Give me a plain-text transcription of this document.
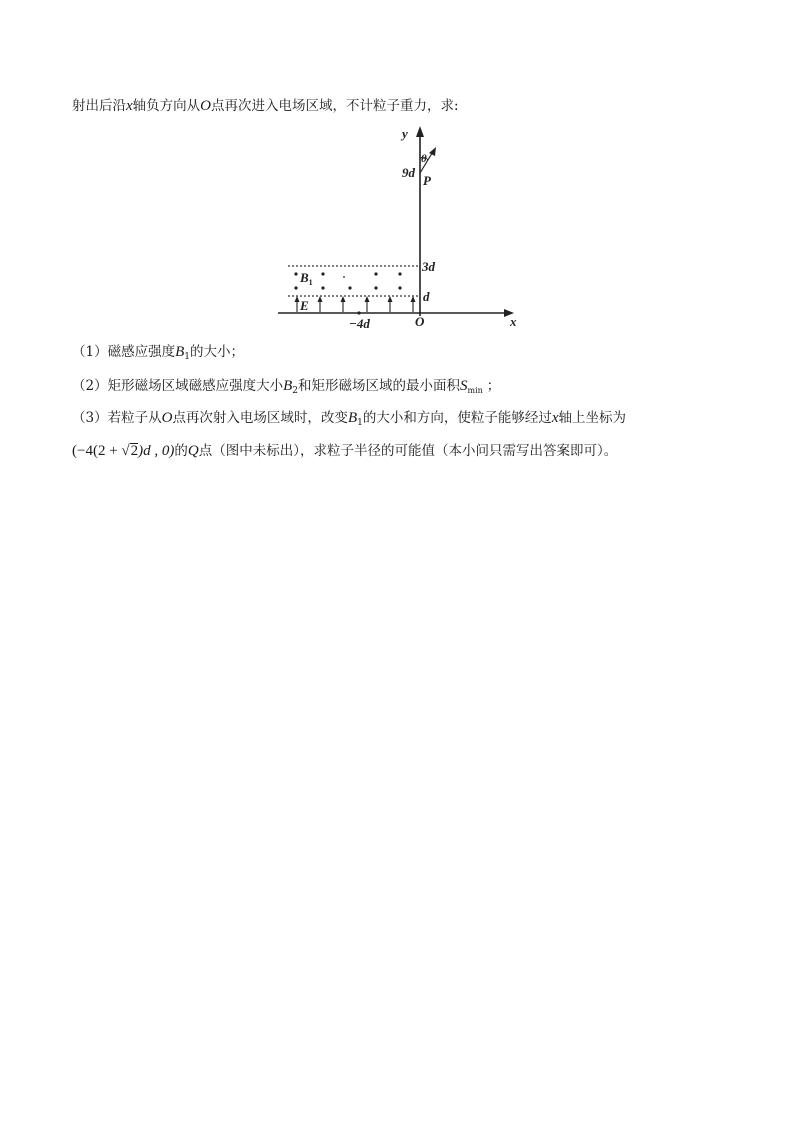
射出后沿x轴负方向从O点再次进入电场区域，不计粒子重力，求:
y
x
θ
P
9d
3d
d
O
−4d
$B_1$
E
（1）磁感应强度$B_1$的大小；
（2）矩形磁场区域磁感应强度大小$B_2$和矩形磁场区域的最小面积$S_{min}$ ；
（3）若粒子从O点再次射入电场区域时，改变$B_1$的大小和方向，使粒子能够经过x轴上坐标为
(−4(2 + √2)d , 0)的Q点（图中未标出），求粒子半径的可能值（本小问只需写出答案即可）。
